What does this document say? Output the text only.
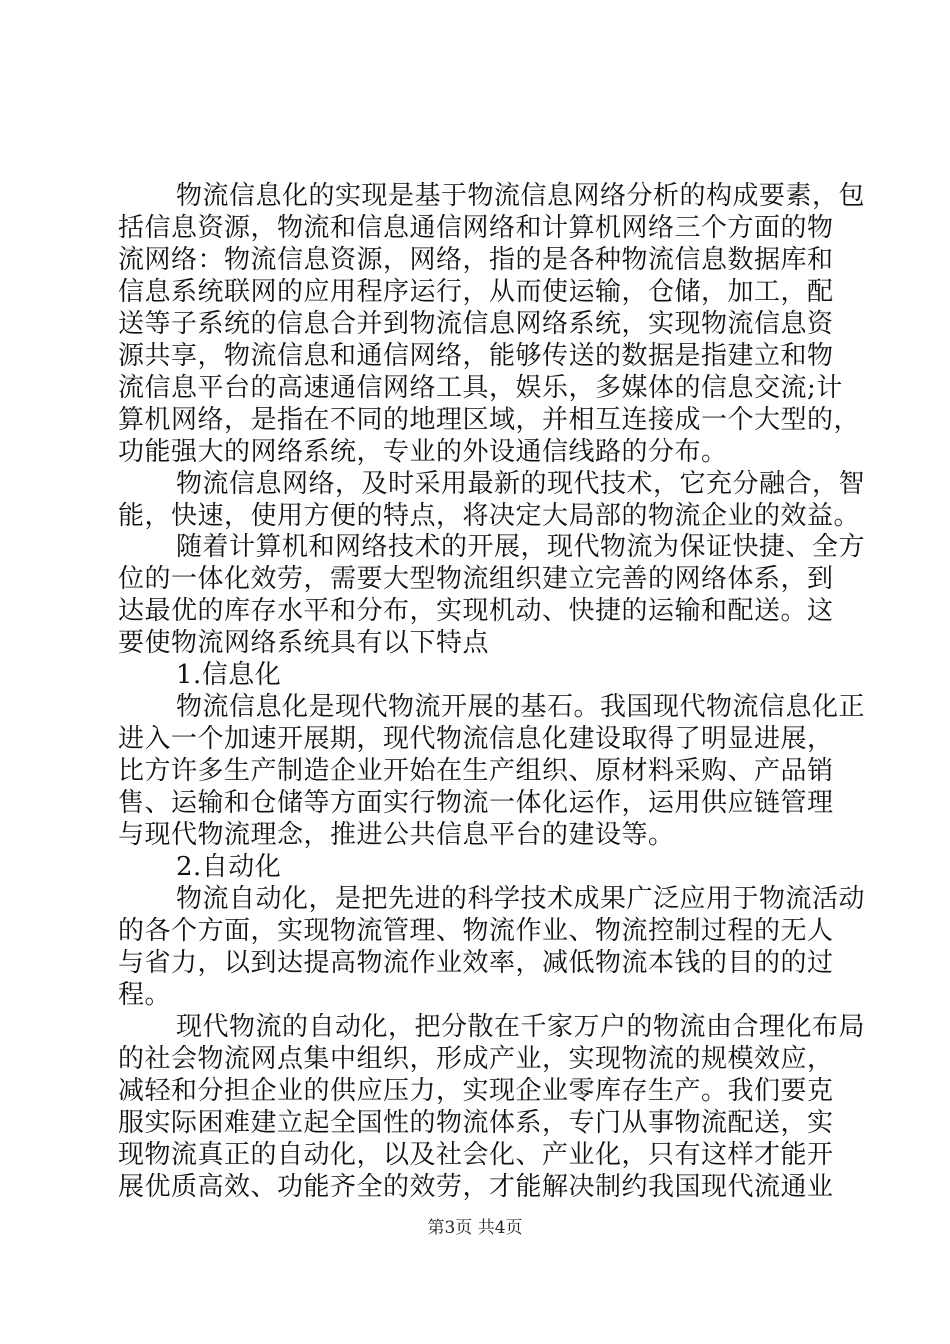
物流信息化的实现是基于物流信息网络分析的构成要素，包
括信息资源，物流和信息通信网络和计算机网络三个方面的物
流网络：物流信息资源，网络，指的是各种物流信息数据库和
信息系统联网的应用程序运行，从而使运输，仓储，加工，配
送等子系统的信息合并到物流信息网络系统，实现物流信息资
源共享，物流信息和通信网络，能够传送的数据是指建立和物
流信息平台的高速通信网络工具，娱乐，多媒体的信息交流;计
算机网络，是指在不同的地理区域，并相互连接成一个大型的，
功能强大的网络系统，专业的外设通信线路的分布。
物流信息网络，及时采用最新的现代技术，它充分融合，智
能，快速，使用方便的特点，将决定大局部的物流企业的效益。
随着计算机和网络技术的开展，现代物流为保证快捷、全方
位的一体化效劳，需要大型物流组织建立完善的网络体系，到
达最优的库存水平和分布，实现机动、快捷的运输和配送。这
要使物流网络系统具有以下特点
1.信息化
物流信息化是现代物流开展的基石。我国现代物流信息化正
进入一个加速开展期，现代物流信息化建设取得了明显进展，
比方许多生产制造企业开始在生产组织、原材料采购、产品销
售、运输和仓储等方面实行物流一体化运作，运用供应链管理
与现代物流理念，推进公共信息平台的建设等。
2.自动化
物流自动化，是把先进的科学技术成果广泛应用于物流活动
的各个方面，实现物流管理、物流作业、物流控制过程的无人
与省力，以到达提高物流作业效率，减低物流本钱的目的的过
程。
现代物流的自动化，把分散在千家万户的物流由合理化布局
的社会物流网点集中组织，形成产业，实现物流的规模效应，
减轻和分担企业的供应压力，实现企业零库存生产。我们要克
服实际困难建立起全国性的物流体系，专门从事物流配送，实
现物流真正的自动化，以及社会化、产业化，只有这样才能开
展优质高效、功能齐全的效劳，才能解决制约我国现代流通业
第3页 共4页
